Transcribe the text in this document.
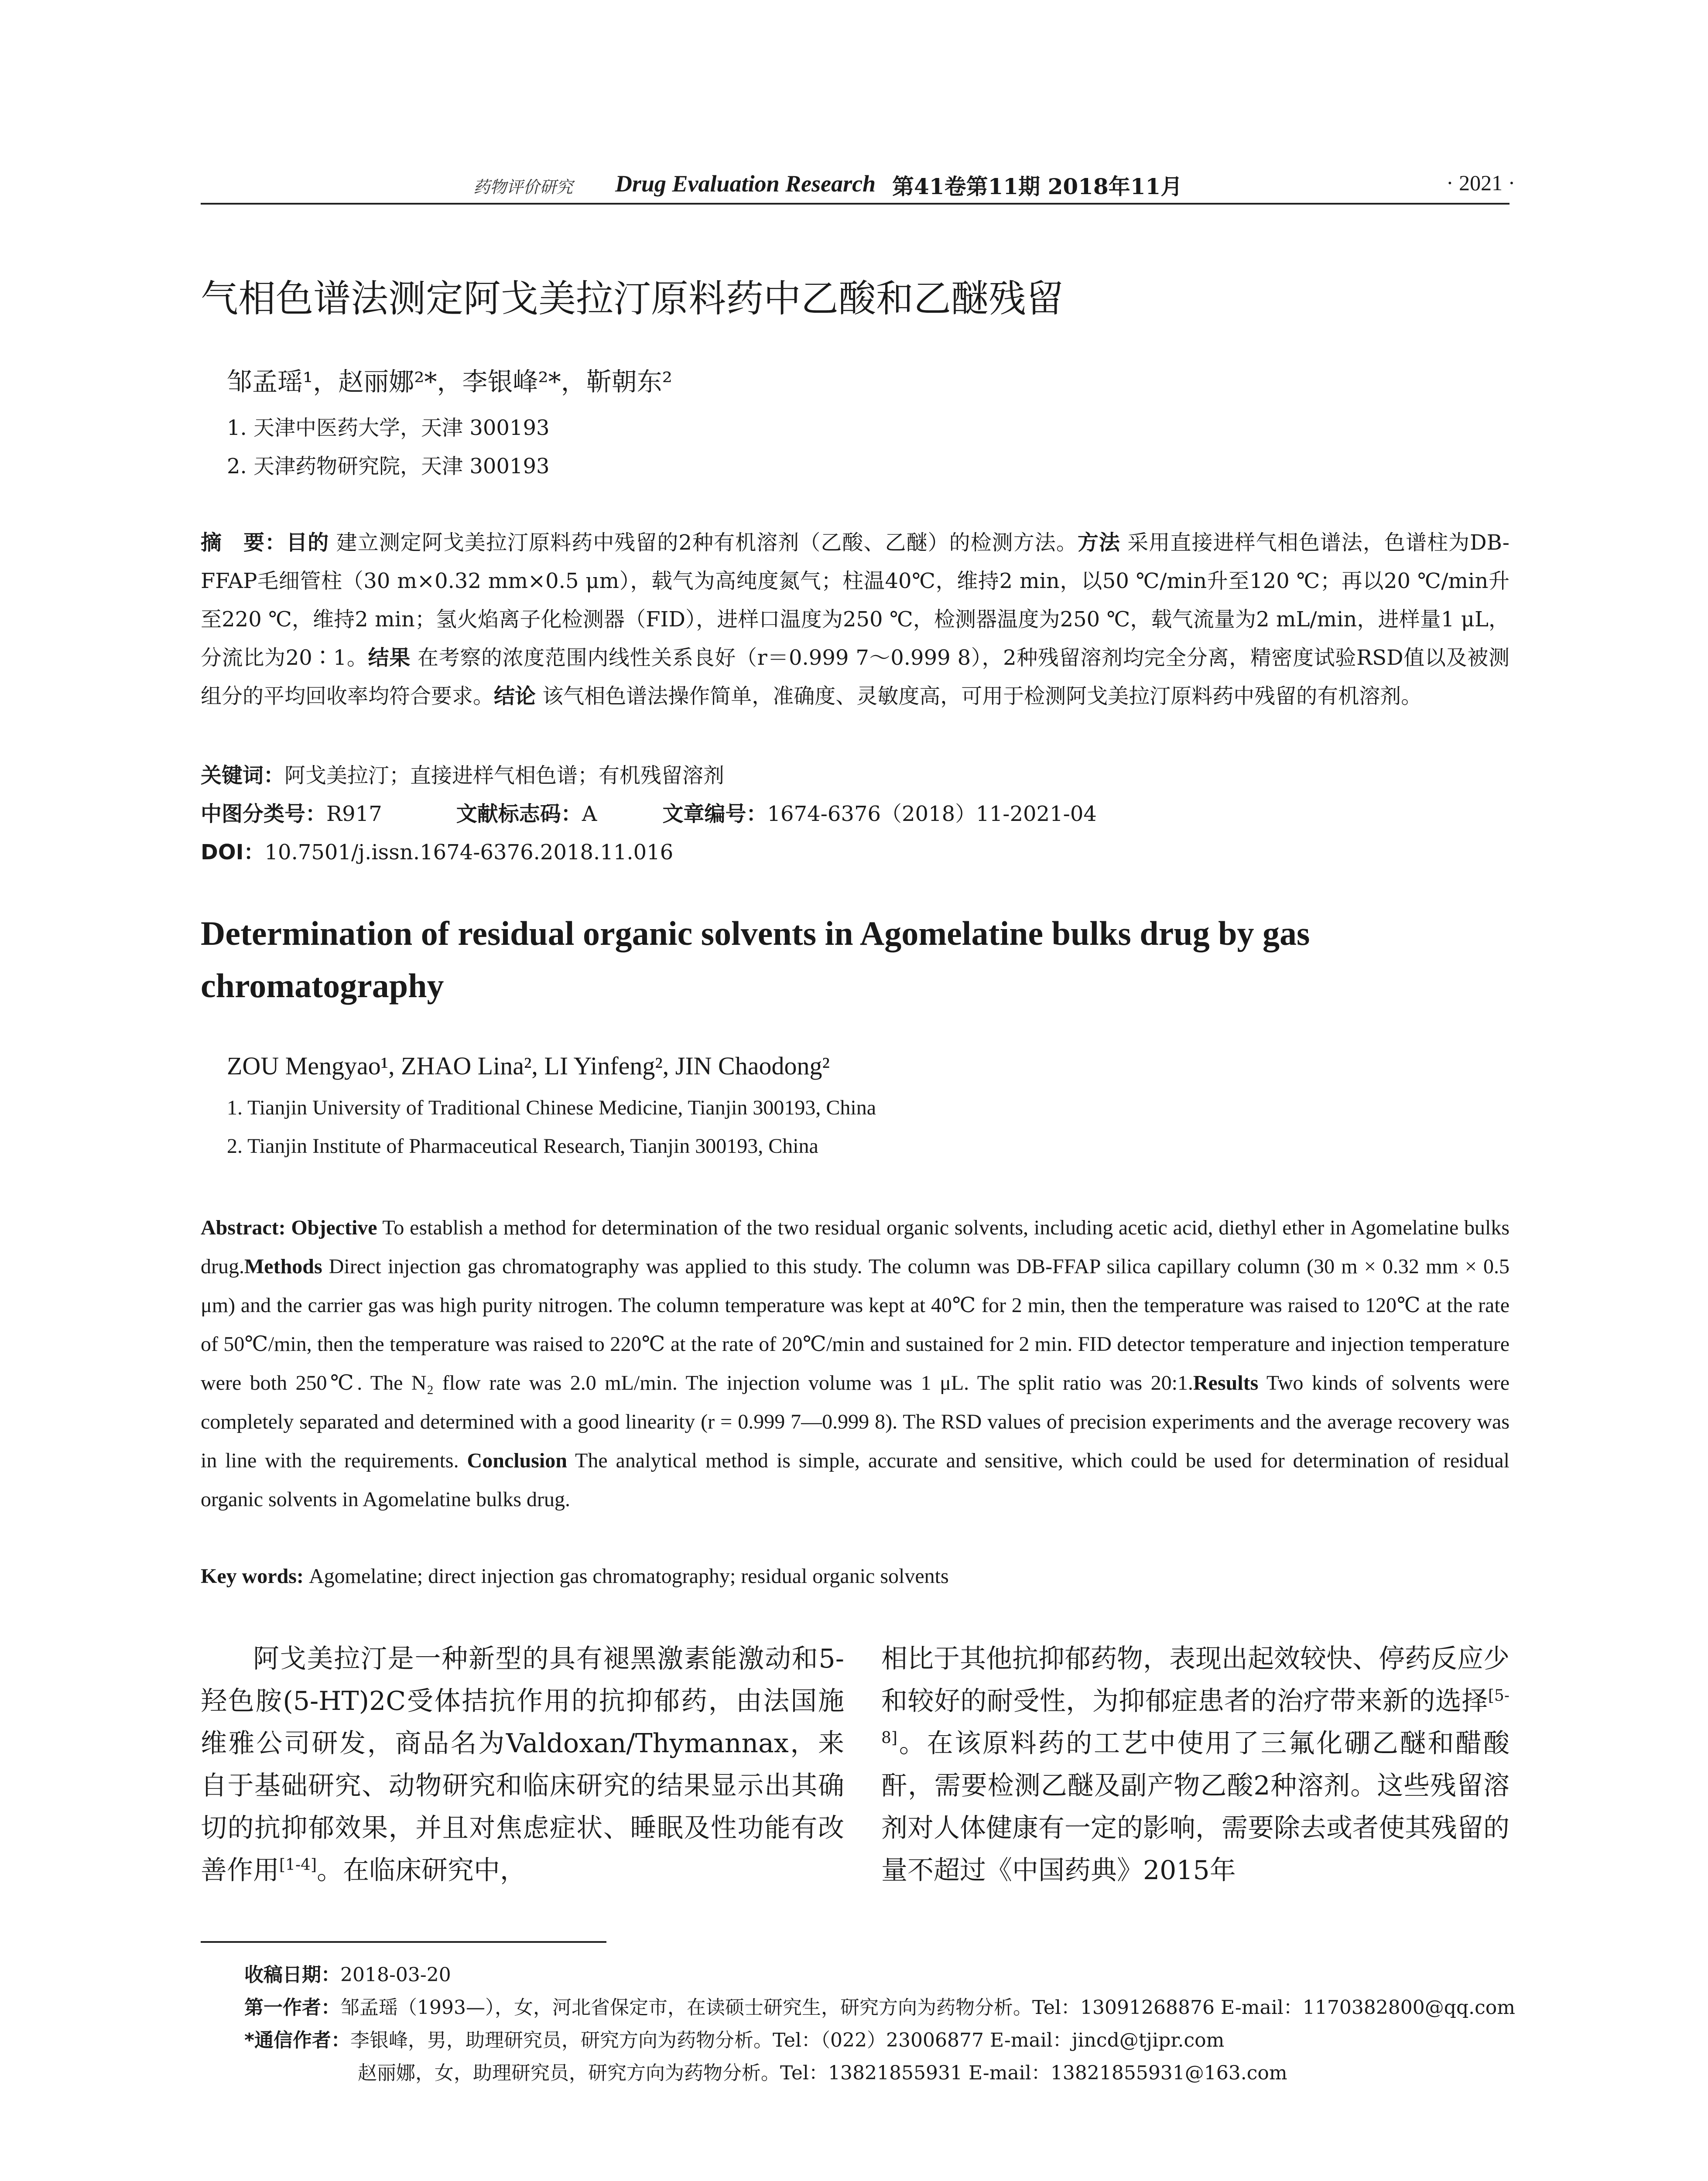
药物评价研究 Drug Evaluation Research 第41卷第11期 2018年11月	· 2021 ·
气相色谱法测定阿戈美拉汀原料药中乙酸和乙醚残留
邹孟瑶¹，赵丽娜²*，李银峰²*，靳朝东²
1. 天津中医药大学，天津 300193
2. 天津药物研究院，天津 300193
摘　要：目的 建立测定阿戈美拉汀原料药中残留的2种有机溶剂（乙酸、乙醚）的检测方法。方法 采用直接进样气相色谱法，色谱柱为DB-FFAP毛细管柱（30 m×0.32 mm×0.5 μm），载气为高纯度氮气；柱温40℃，维持2 min，以50 ℃/min升至120 ℃；再以20 ℃/min升至220 ℃，维持2 min；氢火焰离子化检测器（FID），进样口温度为250 ℃，检测器温度为250 ℃，载气流量为2 mL/min，进样量1 μL，分流比为20∶1。结果 在考察的浓度范围内线性关系良好（r＝0.999 7～0.999 8），2种残留溶剂均完全分离，精密度试验RSD值以及被测组分的平均回收率均符合要求。结论 该气相色谱法操作简单，准确度、灵敏度高，可用于检测阿戈美拉汀原料药中残留的有机溶剂。
关键词：阿戈美拉汀；直接进样气相色谱；有机残留溶剂
中图分类号：R917	文献标志码：A	文章编号：1674-6376（2018）11-2021-04
DOI：10.7501/j.issn.1674-6376.2018.11.016
Determination of residual organic solvents in Agomelatine bulks drug by gas chromatography
ZOU Mengyao¹, ZHAO Lina², LI Yinfeng², JIN Chaodong²
1. Tianjin University of Traditional Chinese Medicine, Tianjin 300193, China
2. Tianjin Institute of Pharmaceutical Research, Tianjin 300193, China
Abstract: Objective To establish a method for determination of the two residual organic solvents, including acetic acid, diethyl ether in Agomelatine bulks drug.Methods Direct injection gas chromatography was applied to this study. The column was DB-FFAP silica capillary column (30 m × 0.32 mm × 0.5 μm) and the carrier gas was high purity nitrogen. The column temperature was kept at 40℃ for 2 min, then the temperature was raised to 120℃ at the rate of 50℃/min, then the temperature was raised to 220℃ at the rate of 20℃/min and sustained for 2 min. FID detector temperature and injection temperature were both 250℃. The N₂ flow rate was 2.0 mL/min. The injection volume was 1 μL. The split ratio was 20:1.Results Two kinds of solvents were completely separated and determined with a good linearity (r = 0.999 7—0.999 8). The RSD values of precision experiments and the average recovery was in line with the requirements. Conclusion The analytical method is simple, accurate and sensitive, which could be used for determination of residual organic solvents in Agomelatine bulks drug.
Key words: Agomelatine; direct injection gas chromatography; residual organic solvents
阿戈美拉汀是一种新型的具有褪黑激素能激动和5-羟色胺(5-HT)2C受体拮抗作用的抗抑郁药，由法国施维雅公司研发，商品名为Valdoxan/Thymannax，来自于基础研究、动物研究和临床研究的结果显示出其确切的抗抑郁效果，并且对焦虑症状、睡眠及性功能有改善作用[1-4]。在临床研究中，
相比于其他抗抑郁药物，表现出起效较快、停药反应少和较好的耐受性，为抑郁症患者的治疗带来新的选择[5-8]。在该原料药的工艺中使用了三氟化硼乙醚和醋酸酐，需要检测乙醚及副产物乙酸2种溶剂。这些残留溶剂对人体健康有一定的影响，需要除去或者使其残留的量不超过《中国药典》2015年
收稿日期：2018-03-20
第一作者：邹孟瑶（1993—），女，河北省保定市，在读硕士研究生，研究方向为药物分析。Tel：13091268876 E-mail：1170382800@qq.com
*通信作者：李银峰，男，助理研究员，研究方向为药物分析。Tel：（022）23006877 E-mail：jincd@tjipr.com
赵丽娜，女，助理研究员，研究方向为药物分析。Tel：13821855931 E-mail：13821855931@163.com
